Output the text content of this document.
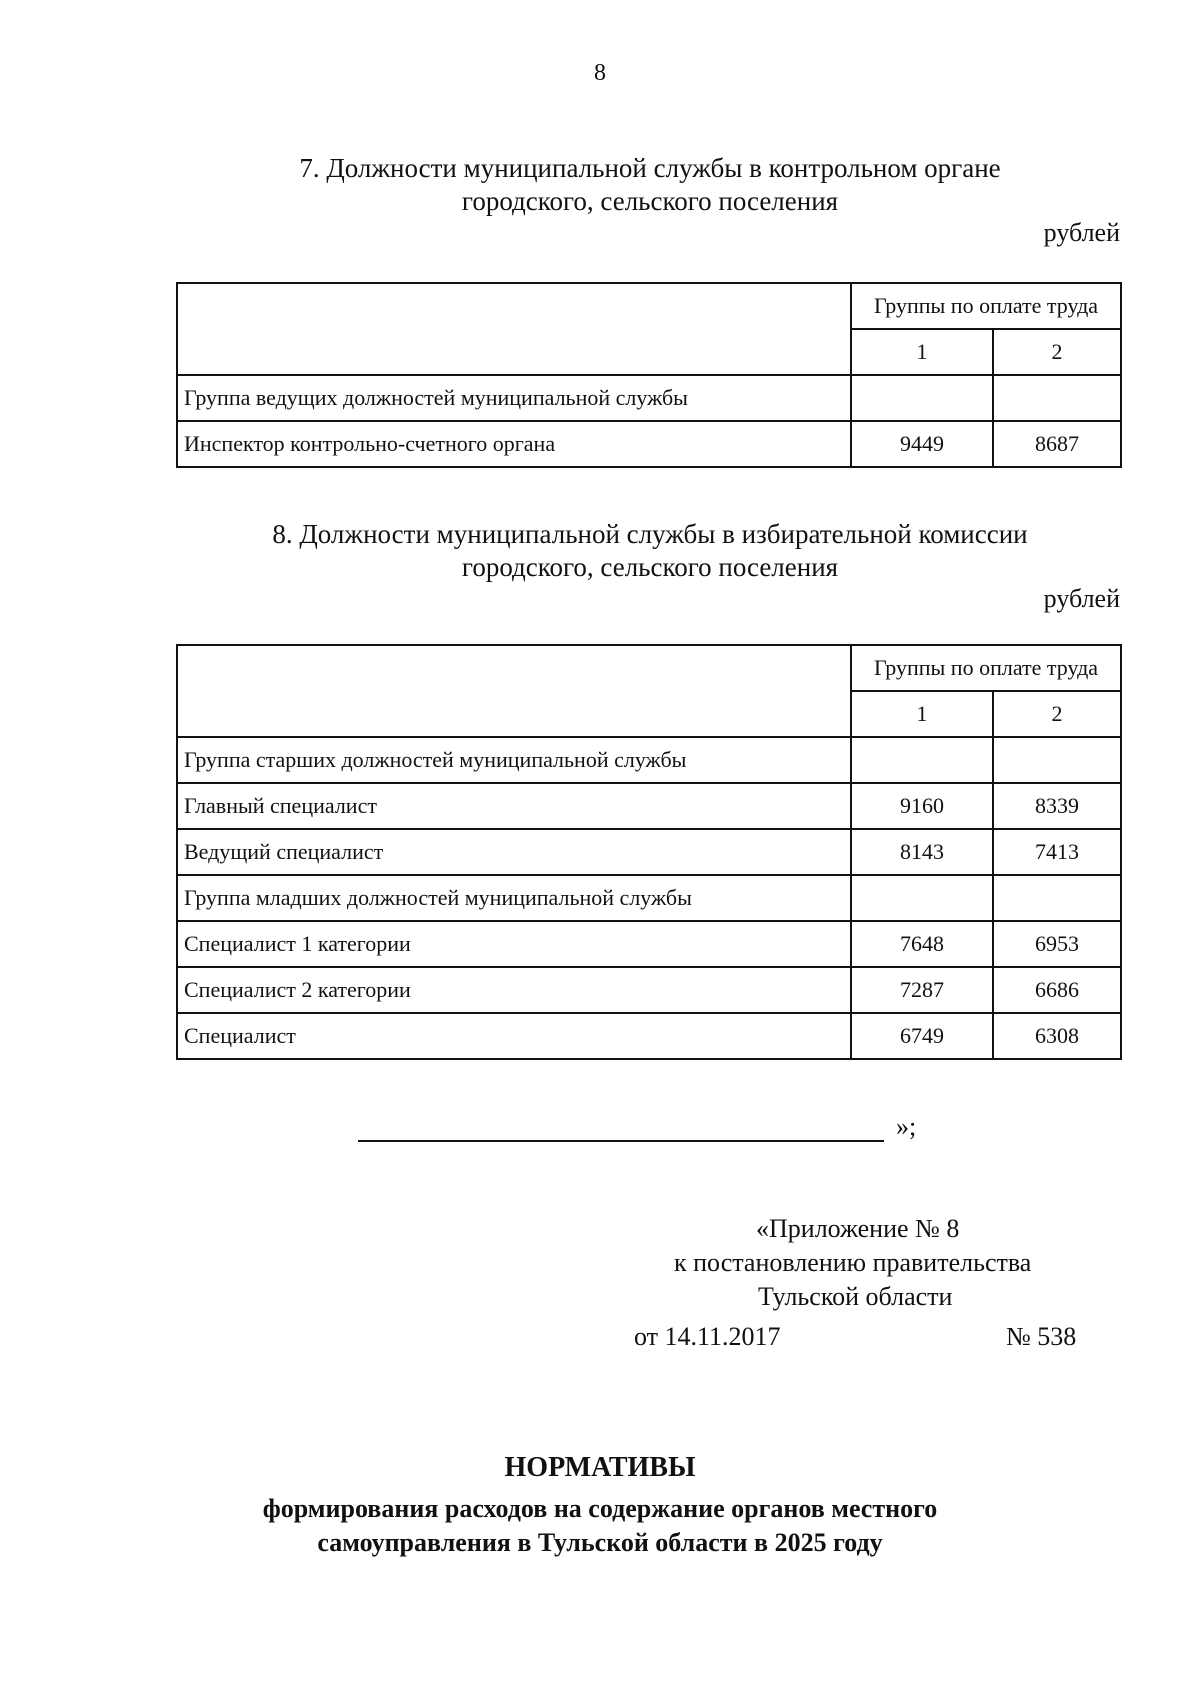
8
7. Должности муниципальной службы в контрольном органе
городского, сельского поселения
рублей
	Группы по оплате труда	
	1	2
Группа ведущих должностей муниципальной службы		
Инспектор контрольно-счетного органа	9449	8687
8. Должности муниципальной службы в избирательной комиссии
городского, сельского поселения
рублей
	Группы по оплате труда	
	1	2
Группа старших должностей муниципальной службы		
Главный специалист	9160	8339
Ведущий специалист	8143	7413
Группа младших должностей муниципальной службы		
Специалист 1 категории	7648	6953
Специалист 2 категории	7287	6686
Специалист	6749	6308
»;
«Приложение № 8
к постановлению правительства
Тульской области
от 14.11.2017	№ 538
НОРМАТИВЫ
формирования расходов на содержание органов местного
самоуправления в Тульской области в 2025 году
